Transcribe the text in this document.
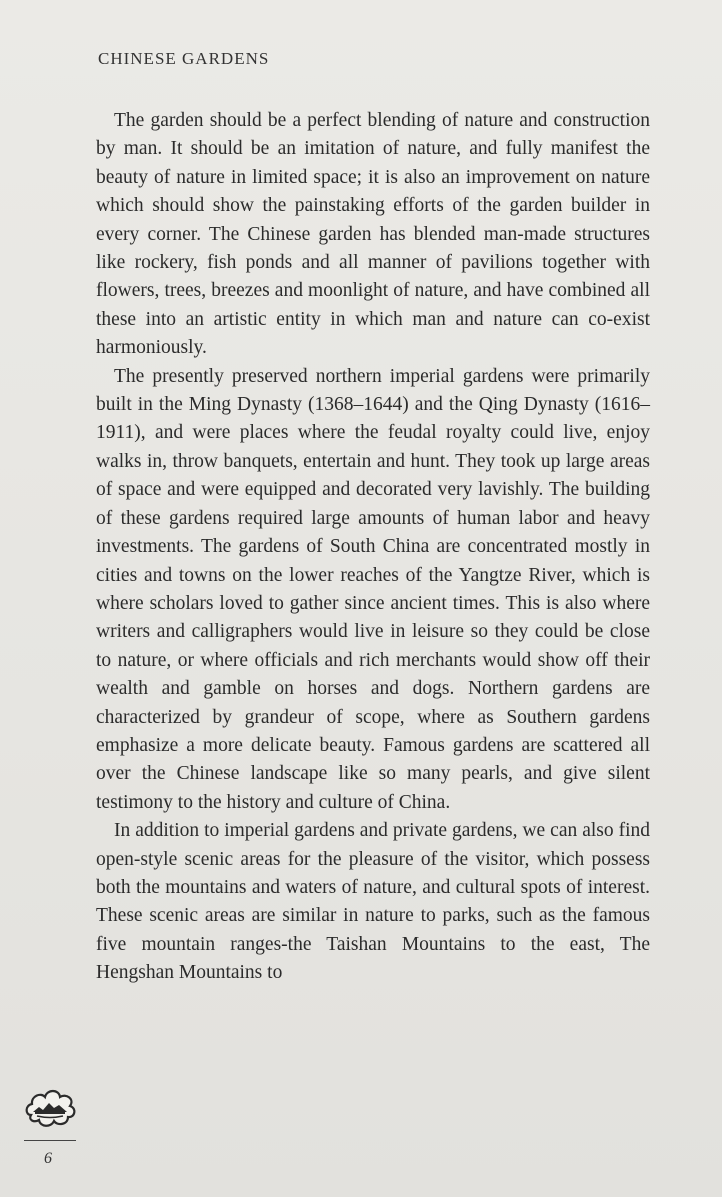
CHINESE GARDENS

The garden should be a perfect blending of nature and construction by man. It should be an imitation of nature, and fully manifest the beauty of nature in limited space; it is also an improvement on nature which should show the painstaking efforts of the garden builder in every corner. The Chinese garden has blended man-made structures like rockery, fish ponds and all manner of pavilions together with flowers, trees, breezes and moonlight of nature, and have combined all these into an artistic entity in which man and nature can co-exist harmoniously.

The presently preserved northern imperial gardens were primarily built in the Ming Dynasty (1368–1644) and the Qing Dynasty (1616–1911), and were places where the feudal royalty could live, enjoy walks in, throw banquets, entertain and hunt. They took up large areas of space and were equipped and decorated very lavishly. The building of these gardens required large amounts of human labor and heavy investments. The gardens of South China are concentrated mostly in cities and towns on the lower reaches of the Yangtze River, which is where scholars loved to gather since ancient times. This is also where writers and calligraphers would live in leisure so they could be close to nature, or where officials and rich merchants would show off their wealth and gamble on horses and dogs. Northern gardens are characterized by grandeur of scope, where as Southern gardens emphasize a more delicate beauty. Famous gardens are scattered all over the Chinese landscape like so many pearls, and give silent testimony to the history and culture of China.

In addition to imperial gardens and private gardens, we can also find open-style scenic areas for the pleasure of the visitor, which possess both the mountains and waters of nature, and cultural spots of interest. These scenic areas are similar in nature to parks, such as the famous five mountain ranges-the Taishan Mountains to the east, The Hengshan Mountains to

6
